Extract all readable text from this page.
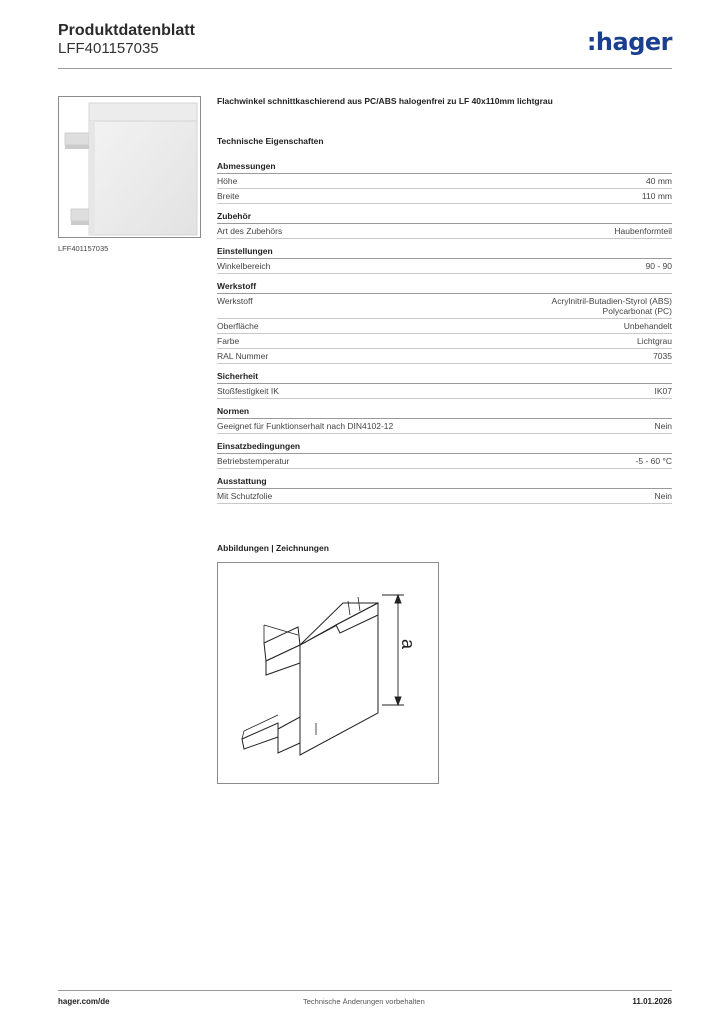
Produktdatenblatt
LFF401157035	:hager
LFF401157035
Flachwinkel schnittkaschierend aus PC/ABS halogenfrei zu LF 40x110mm lichtgrau
Technische Eigenschaften
Abmessungen
Höhe	40 mm
Breite	110 mm
Zubehör
Art des Zubehörs	Haubenformteil
Einstellungen
Winkelbereich	90 - 90
Werkstoff
Werkstoff	Acrylnitril-Butadien-Styrol (ABS)
Polycarbonat (PC)
Oberfläche	Unbehandelt
Farbe	Lichtgrau
RAL Nummer	7035
Sicherheit
Stoßfestigkeit IK	IK07
Normen
Geeignet für Funktionserhalt nach DIN4102-12	Nein
Einsatzbedingungen
Betriebstemperatur	-5 - 60 °C
Ausstattung
Mit Schutzfolie	Nein
Abbildungen | Zeichnungen
a
hager.com/de	Technische Änderungen vorbehalten	11.01.2026
